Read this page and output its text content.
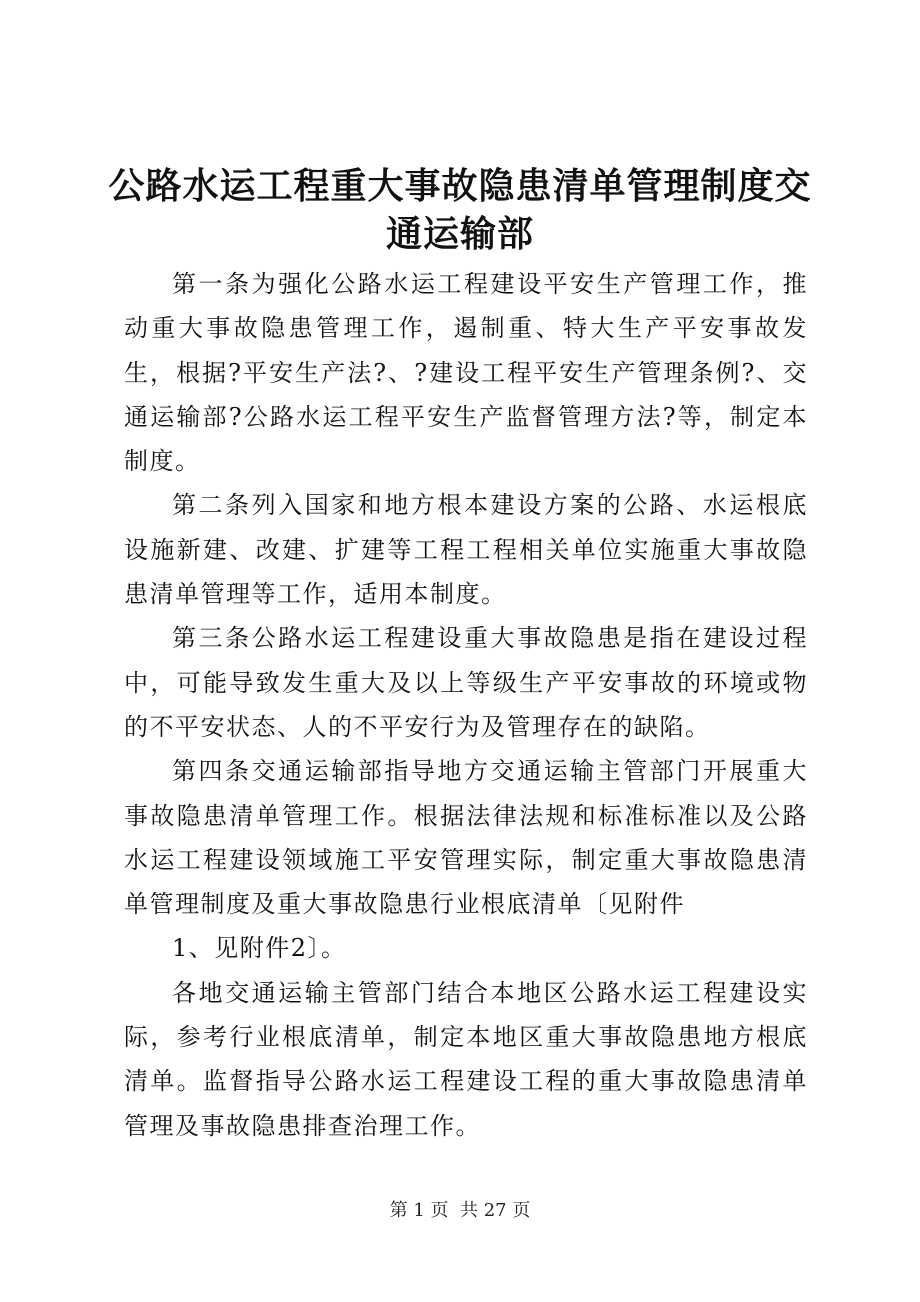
公路水运工程重大事故隐患清单管理制度交通运输部

第一条为强化公路水运工程建设平安生产管理工作，推动重大事故隐患管理工作，遏制重、特大生产平安事故发生，根据?平安生产法?、?建设工程平安生产管理条例?、交通运输部?公路水运工程平安生产监督管理方法?等，制定本制度。

第二条列入国家和地方根本建设方案的公路、水运根底设施新建、改建、扩建等工程工程相关单位实施重大事故隐患清单管理等工作，适用本制度。

第三条公路水运工程建设重大事故隐患是指在建设过程中，可能导致发生重大及以上等级生产平安事故的环境或物的不平安状态、人的不平安行为及管理存在的缺陷。

第四条交通运输部指导地方交通运输主管部门开展重大事故隐患清单管理工作。根据法律法规和标准标准以及公路水运工程建设领域施工平安管理实际，制定重大事故隐患清单管理制度及重大事故隐患行业根底清单〔见附件

1、见附件2〕。

各地交通运输主管部门结合本地区公路水运工程建设实际，参考行业根底清单，制定本地区重大事故隐患地方根底清单。监督指导公路水运工程建设工程的重大事故隐患清单管理及事故隐患排查治理工作。

第 1 页  共 27 页
